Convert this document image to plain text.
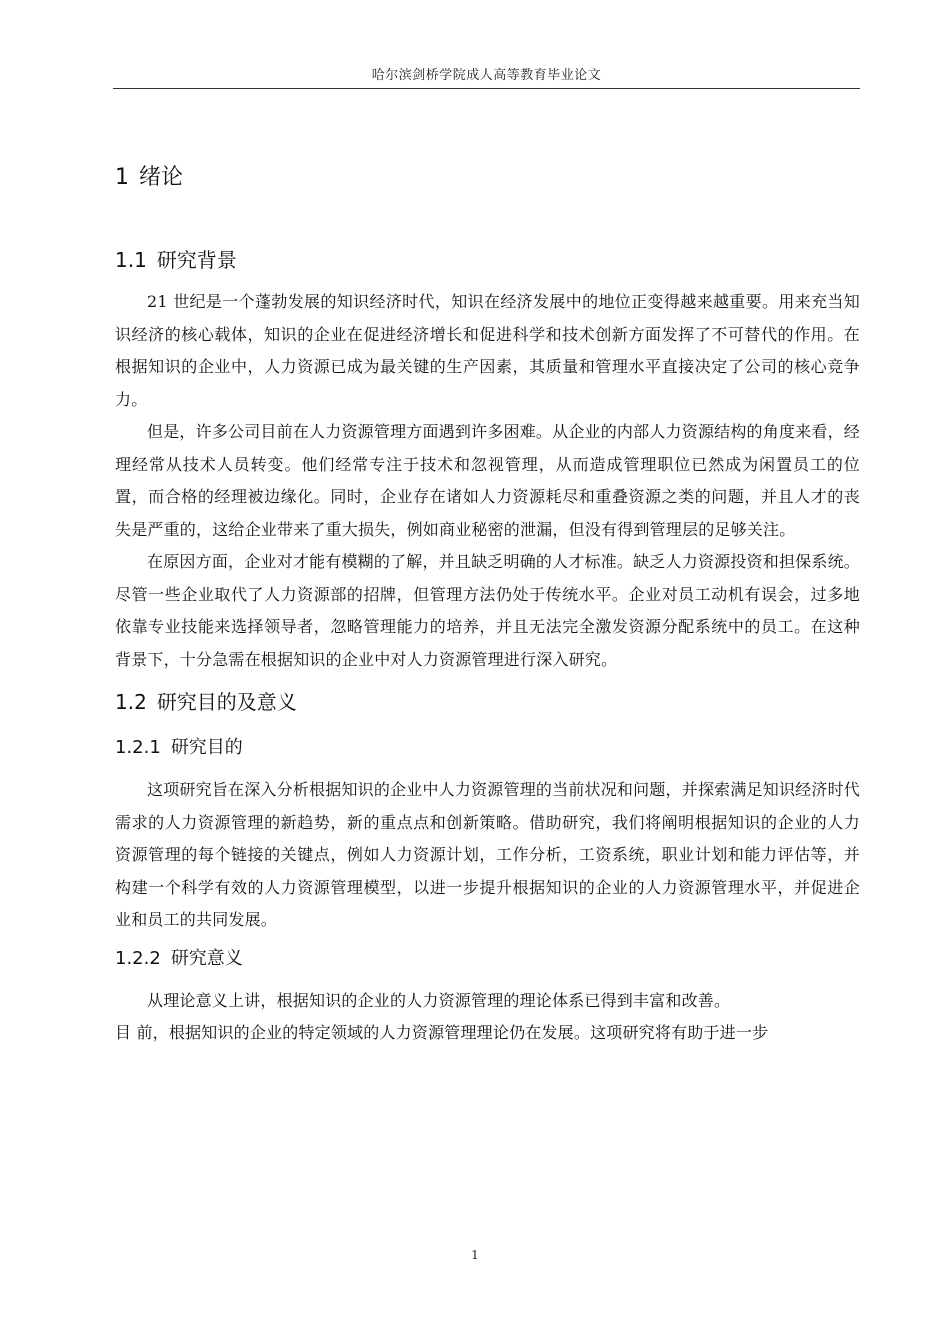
哈尔滨剑桥学院成人高等教育毕业论文
1 绪论
1.1 研究背景

21 世纪是一个蓬勃发展的知识经济时代，知识在经济发展中的地位正变得越来越重要。用来充当知识经济的核心载体，知识的企业在促进经济增长和促进科学和技术创新方面发挥了不可替代的作用。在根据知识的企业中，人力资源已成为最关键的生产因素，其质量和管理水平直接决定了公司的核心竞争力。

但是，许多公司目前在人力资源管理方面遇到许多困难。从企业的内部人力资源结构的角度来看，经理经常从技术人员转变。他们经常专注于技术和忽视管理，从而造成管理职位已然成为闲置员工的位置，而合格的经理被边缘化。同时，企业存在诸如人力资源耗尽和重叠资源之类的问题，并且人才的丧失是严重的，这给企业带来了重大损失，例如商业秘密的泄漏，但没有得到管理层的足够关注。

在原因方面，企业对才能有模糊的了解，并且缺乏明确的人才标准。缺乏人力资源投资和担保系统。尽管一些企业取代了人力资源部的招牌，但管理方法仍处于传统水平。企业对员工动机有误会，过多地依靠专业技能来选择领导者，忽略管理能力的培养，并且无法完全激发资源分配系统中的员工。在这种背景下，十分急需在根据知识的企业中对人力资源管理进行深入研究。

1.2 研究目的及意义
1.2.1 研究目的

这项研究旨在深入分析根据知识的企业中人力资源管理的当前状况和问题，并探索满足知识经济时代需求的人力资源管理的新趋势，新的重点点和创新策略。借助研究，我们将阐明根据知识的企业的人力资源管理的每个链接的关键点，例如人力资源计划，工作分析，工资系统，职业计划和能力评估等，并构建一个科学有效的人力资源管理模型，以进一步提升根据知识的企业的人力资源管理水平，并促进企业和员工的共同发展。

1.2.2 研究意义

从理论意义上讲，根据知识的企业的人力资源管理的理论体系已得到丰富和改善。

目 前，根据知识的企业的特定领域的人力资源管理理论仍在发展。这项研究将有助于进一步

1
